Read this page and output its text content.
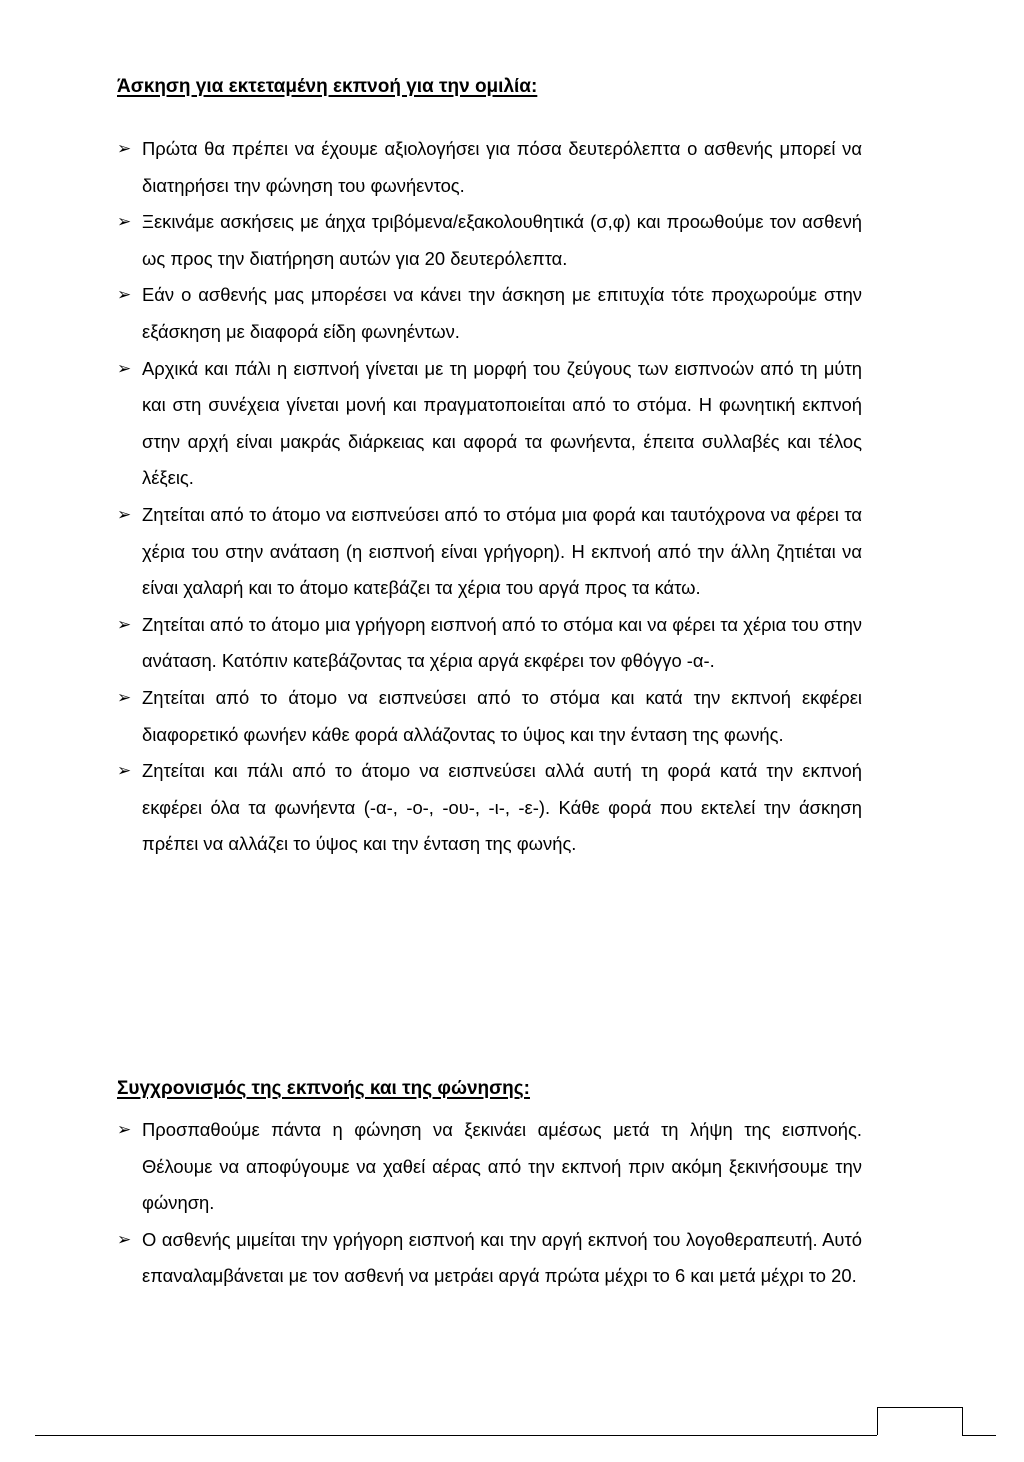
Άσκηση για εκτεταμένη εκπνοή για την ομιλία:
➢ Πρώτα θα πρέπει να έχουμε αξιολογήσει για πόσα δευτερόλεπτα ο ασθενής μπορεί να διατηρήσει την φώνηση του φωνήεντος.
➢ Ξεκινάμε ασκήσεις με άηχα τριβόμενα/εξακολουθητικά (σ,φ) και προωθούμε τον ασθενή ως προς την διατήρηση αυτών για 20 δευτερόλεπτα.
➢ Εάν ο ασθενής μας μπορέσει να κάνει την άσκηση με επιτυχία τότε προχωρούμε στην εξάσκηση με διαφορά είδη φωνηέντων.
➢ Αρχικά και πάλι η εισπνοή γίνεται με τη μορφή του ζεύγους των εισπνοών από τη μύτη και στη συνέχεια γίνεται μονή και πραγματοποιείται από το στόμα. Η φωνητική εκπνοή στην αρχή είναι μακράς διάρκειας και αφορά τα φωνήεντα, έπειτα συλλαβές και τέλος λέξεις.
➢ Ζητείται από το άτομο να εισπνεύσει από το στόμα μια φορά και ταυτόχρονα να φέρει τα χέρια του στην ανάταση (η εισπνοή είναι γρήγορη). Η εκπνοή από την άλλη ζητιέται να είναι χαλαρή και το άτομο κατεβάζει τα χέρια του αργά προς τα κάτω.
➢ Ζητείται από το άτομο μια γρήγορη εισπνοή από το στόμα και να φέρει τα χέρια του στην ανάταση. Κατόπιν κατεβάζοντας τα χέρια αργά εκφέρει τον φθόγγο -α-.
➢ Ζητείται από το άτομο να εισπνεύσει από το στόμα και κατά την εκπνοή εκφέρει διαφορετικό φωνήεν κάθε φορά αλλάζοντας το ύψος και την ένταση της φωνής.
➢ Ζητείται και πάλι από το άτομο να εισπνεύσει αλλά αυτή τη φορά κατά την εκπνοή εκφέρει όλα τα φωνήεντα (-α-, -ο-, -ου-, -ι-, -ε-). Κάθε φορά που εκτελεί την άσκηση πρέπει να αλλάζει το ύψος και την ένταση της φωνής.
Συγχρονισμός της εκπνοής και της φώνησης:
➢ Προσπαθούμε πάντα η φώνηση να ξεκινάει αμέσως μετά τη λήψη της εισπνοής. Θέλουμε να αποφύγουμε να χαθεί αέρας από την εκπνοή πριν ακόμη ξεκινήσουμε την φώνηση.
➢ Ο ασθενής μιμείται την γρήγορη εισπνοή και την αργή εκπνοή του λογοθεραπευτή. Αυτό επαναλαμβάνεται με τον ασθενή να μετράει αργά πρώτα μέχρι το 6 και μετά μέχρι το 20.
